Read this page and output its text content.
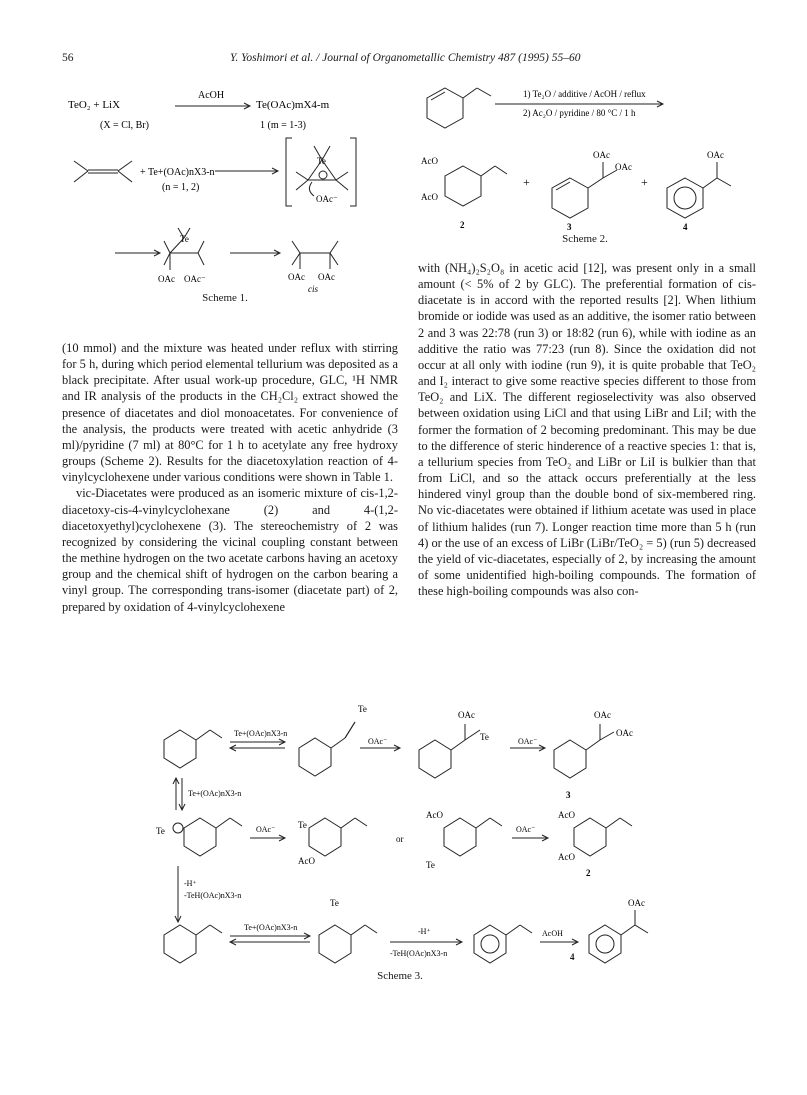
56	Y. Yoshimori et al. / Journal of Organometallic Chemistry 487 (1995) 55–60
TeO₂ + LiX
AcOH
Te(OAc)mX4-m
(X = Cl, Br)	1 (m = 1-3)
+ Te+(OAc)nX3-n
(n = 1, 2)
Te
OAc⁻
Te
OAc OAc⁻	OAc OAc
cis
Scheme 1.
1) Te₂O / additive / AcOH / reflux
2) Ac₂O / pyridine / 80 °C / 1 h
AcO
AcO
+	+
OAc
OAc
OAc
2	3	4
Scheme 2.

(10 mmol) and the mixture was heated under reflux with stirring for 5 h, during which period elemental tellurium was deposited as a black precipitate. After usual work-up procedure, GLC, ¹H NMR and IR analysis of the products in the CH₂Cl₂ extract showed the presence of diacetates and diol monoacetates. For convenience of the analysis, the products were treated with acetic anhydride (3 ml)/pyridine (7 ml) at 80°C for 1 h to acetylate any free hydroxy groups (Scheme 2). Results for the diacetoxylation reaction of 4-vinylcyclohexene under various conditions were shown in Table 1.

vic-Diacetates were produced as an isomeric mixture of cis-1,2-diacetoxy-cis-4-vinylcyclohexane (2) and 4-(1,2-diacetoxyethyl)cyclohexene (3). The stereochemistry of 2 was recognized by considering the vicinal coupling constant between the methine hydrogen on the two acetate carbons having an acetoxy group and the chemical shift of hydrogen on the carbon bearing a vinyl group. The corresponding trans-isomer (diacetate part) of 2, prepared by oxidation of 4-vinylcyclohexene

with (NH₄)₂S₂O₈ in acetic acid [12], was present only in a small amount (< 5% of 2 by GLC). The preferential formation of cis-diacetate is in accord with the reported results [2]. When lithium bromide or iodide was used as an additive, the isomer ratio between 2 and 3 was 22:78 (run 3) or 18:82 (run 6), while with iodine as an additive the ratio was 77:23 (run 8). Since the oxidation did not occur at all only with iodine (run 9), it is quite probable that TeO₂ and I₂ interact to give some reactive species different to those from TeO₂ and LiX. The different regioselectivity was also observed between oxidation using LiCl and that using LiBr and LiI; with the former the formation of 2 becoming predominant. This may be due to the difference of steric hinderence of a reactive species 1: that is, a tellurium species from TeO₂ and LiBr or LiI is bulkier than that from LiCl, and so the attack occurs preferentially at the less hindered vinyl group than the double bond of six-membered ring. No vic-diacetates were obtained if lithium acetate was used in place of lithium halides (run 7). Longer reaction time more than 5 h (run 4) or the use of an excess of LiBr (LiBr/TeO₂ = 5) (run 5) decreased the yield of vic-diacetates, especially of 2, by increasing the amount of some unidentified high-boiling compounds. The formation of these high-boiling compounds was also con-

Te+(OAc)nX3-n
Te
OAc⁻
OAc
Te	OAc⁻
OAc
OAc
3
Te+(OAc)nX3-n
Te	OAc⁻	Te
AcO
or
AcO
Te
OAc⁻
AcO
AcO
2
-H⁺
-TeH(OAc)nX3-n
Te+(OAc)nX3-n
Te
-H⁺
-TeH(OAc)nX3-n
AcOH
OAc
4
Scheme 3.
